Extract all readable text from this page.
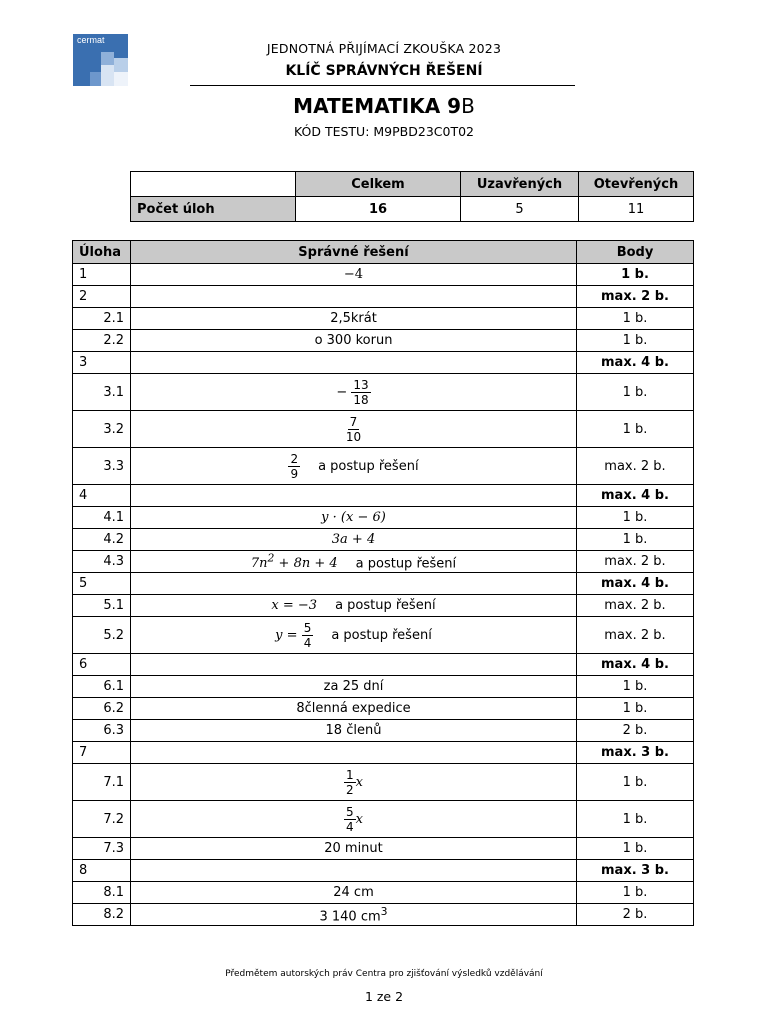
cermat
JEDNOTNÁ PŘIJÍMACÍ ZKOUŠKA 2023
KLÍČ SPRÁVNÝCH ŘEŠENÍ
MATEMATIKA 9B
KÓD TESTU: M9PBD23C0T02
	Celkem	Uzavřených	Otevřených
Počet úloh	16	5	11
Úloha	Správné řešení	Body
1	−4	1 b.
2		max. 2 b.
2.1	2,5krát	1 b.
2.2	o 300 korun	1 b.
3		max. 4 b.
3.1	− $\frac{13}{18}$	1 b.
3.2	$\frac{7}{10}$	1 b.
3.3	$\frac{2}{9}$ a postup řešení	max. 2 b.
4		max. 4 b.
4.1	y · (x − 6)	1 b.
4.2	3a + 4	1 b.
4.3	$7n^2 + 8n + 4$ a postup řešení	max. 2 b.
5		max. 4 b.
5.1	x = −3 a postup řešení	max. 2 b.
5.2	$y = \frac{5}{4}$ a postup řešení	max. 2 b.
6		max. 4 b.
6.1	za 25 dní	1 b.
6.2	8členná expedice	1 b.
6.3	18 členů	2 b.
7		max. 3 b.
7.1	$\frac{1}{2}$ x	1 b.
7.2	$\frac{5}{4}$ x	1 b.
7.3	20 minut	1 b.
8		max. 3 b.
8.1	24 cm	1 b.
8.2	3 140 $cm^3$	2 b.
Předmětem autorských práv Centra pro zjišťování výsledků vzdělávání
1 ze 2
